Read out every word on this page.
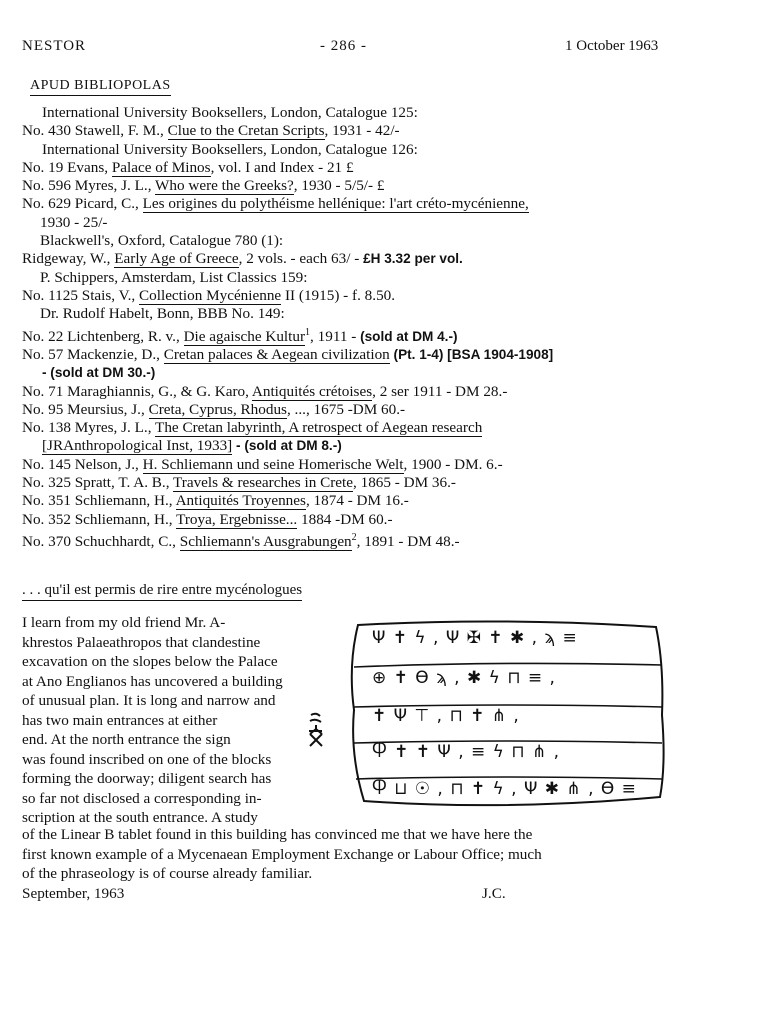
NESTOR	- 286 -	1 October 1963
APUD BIBLIOPOLAS
International University Booksellers, London, Catalogue 125:
No. 430 Stawell, F. M., Clue to the Cretan Scripts, 1931 - 42/-
International University Booksellers, London, Catalogue 126:
No. 19 Evans, Palace of Minos, vol. I and Index - 21 £
No. 596 Myres, J. L., Who were the Greeks?, 1930 - 5/5/- £
No. 629 Picard, C., Les origines du polythéisme hellénique: l'art créto-mycénienne,
1930 - 25/-
Blackwell's, Oxford, Catalogue 780 (1):
Ridgeway, W., Early Age of Greece, 2 vols. - each 63/ - £H 3.32 per vol.
P. Schippers, Amsterdam, List Classics 159:
No. 1125 Stais, V., Collection Mycénienne II (1915) - f. 8.50.
Dr. Rudolf Habelt, Bonn, BBB No. 149:
No. 22 Lichtenberg, R. v., Die agaische Kultur$^1$, 1911 - (sold at DM 4.-)
No. 57 Mackenzie, D., Cretan palaces & Aegean civilization (Pt. 1-4) [BSA 1904-1908]
- (sold at DM 30.-)
No. 71 Maraghiannis, G., & G. Karo, Antiquités crétoises, 2 ser 1911 - DM 28.-
No. 95 Meursius, J., Creta, Cyprus, Rhodus, ..., 1675 -DM 60.-
No. 138 Myres, J. L., The Cretan labyrinth, A retrospect of Aegean research
[JRAnthropological Inst, 1933] - (sold at DM 8.-)
No. 145 Nelson, J., H. Schliemann und seine Homerische Welt, 1900 - DM. 6.-
No. 325 Spratt, T. A. B., Travels & researches in Crete, 1865 - DM 36.-
No. 351 Schliemann, H., Antiquités Troyennes, 1874 - DM 16.-
No. 352 Schliemann, H., Troya, Ergebnisse... 1884 -DM 60.-
No. 370 Schuchhardt, C., Schliemann's Ausgrabungen$^2$, 1891 - DM 48.-
. . . qu'il est permis de rire entre mycénologues

I learn from my old friend Mr. A-

khrestos Palaeathropos that clandestine

excavation on the slopes below the Palace

at Ano Englianos has uncovered a building

of unusual plan. It is long and narrow and

has two main entrances at either

end. At the north entrance the sign

was found inscribed on one of the blocks

forming the doorway; diligent search has

so far not disclosed a corresponding in-

scription at the south entrance. A study

Ψ ✝ ϟ , Ψ ✠ ✝ ✱ , ϡ ≡
⊕ ✝ ϴ ϡ , ✱ ϟ ⊓ ≡ ,
✝ Ψ ⊤ , ⊓ ✝ ⋔ ,
Ⴔ ✝ ✝ Ψ , ≡ ϟ ⊓ ⋔ ,
Ⴔ ⊔ ☉ , ⊓ ✝ ϟ , Ψ ✱ ⋔ , ϴ ≡
of the Linear B tablet found in this building has convinced me that we have here the
first known example of a Mycenaean Employment Exchange or Labour Office; much
of the phraseology is of course already familiar.
September, 1963	J.C.
